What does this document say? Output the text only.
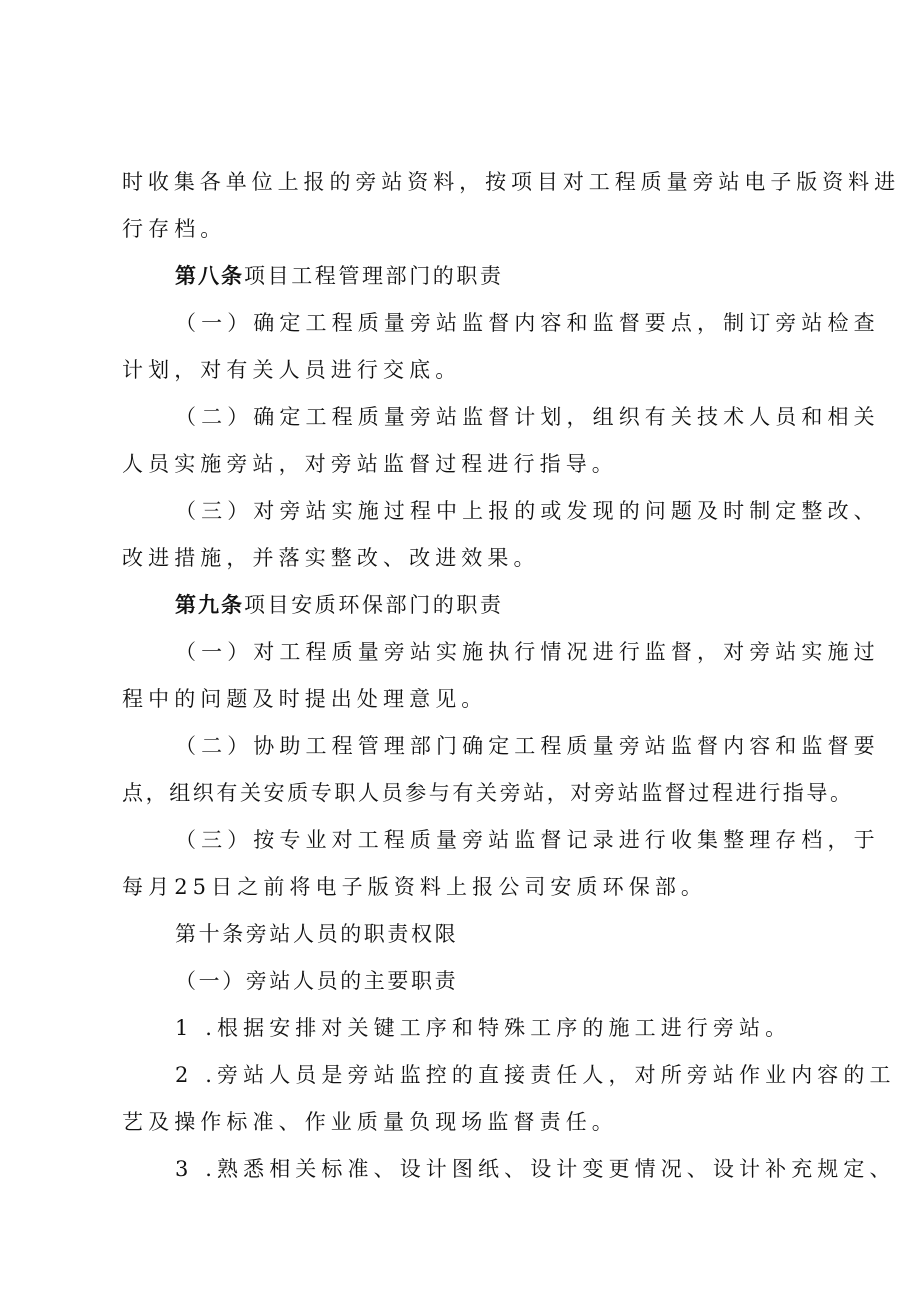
时收集各单位上报的旁站资料，按项目对工程质量旁站电子版资料进
行存档。
第八条项目工程管理部门的职责
（一）确定工程质量旁站监督内容和监督要点，制订旁站检查
计划，对有关人员进行交底。
（二）确定工程质量旁站监督计划，组织有关技术人员和相关
人员实施旁站，对旁站监督过程进行指导。
（三）对旁站实施过程中上报的或发现的问题及时制定整改、
改进措施，并落实整改、改进效果。
第九条项目安质环保部门的职责
（一）对工程质量旁站实施执行情况进行监督，对旁站实施过
程中的问题及时提出处理意见。
（二）协助工程管理部门确定工程质量旁站监督内容和监督要
点，组织有关安质专职人员参与有关旁站，对旁站监督过程进行指导。
（三）按专业对工程质量旁站监督记录进行收集整理存档，于
每月25日之前将电子版资料上报公司安质环保部。
第十条旁站人员的职责权限
（一）旁站人员的主要职责
1 .根据安排对关键工序和特殊工序的施工进行旁站。
2 .旁站人员是旁站监控的直接责任人，对所旁站作业内容的工
艺及操作标准、作业质量负现场监督责任。
3 .熟悉相关标准、设计图纸、设计变更情况、设计补充规定、
